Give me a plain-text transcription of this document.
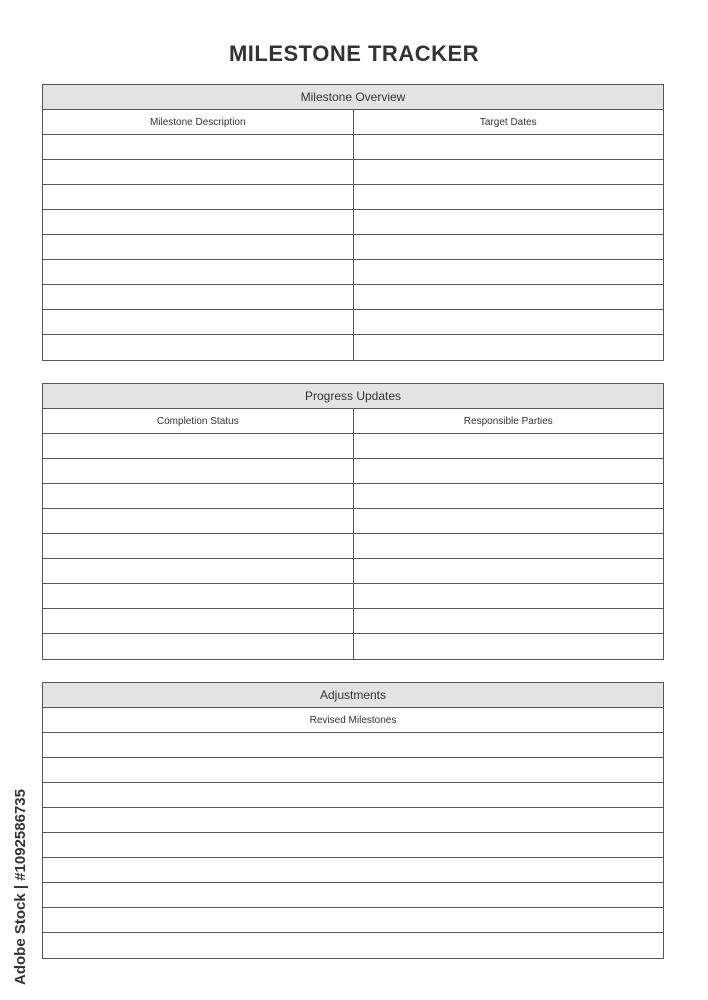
MILESTONE TRACKER
Milestone Overview
Milestone Description	Target Dates
Progress Updates
Completion Status	Responsible Parties
Adjustments
Revised Milestones
Adobe Stock | #1092586735
